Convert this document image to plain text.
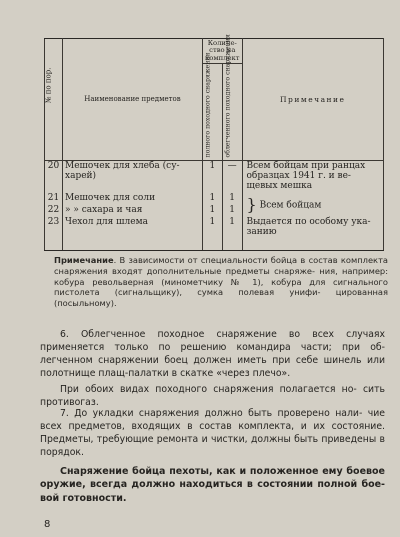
№ по пор.	Наименование предметов	Количе- ство на комплект		Примечание

		полного походного снаряжения	облегченного походного снаряжения	

20	Мешочек для хлеба (су- харей)	1	—	Всем бойцам при ранцах образцах 1941 г. и ве- щевых мешка
21	Мешочек для соли	1	1	} Всем бойцам
22	» » сахара и чая	1	1	
23	Чехол для шлема	1	1	Выдается по особому ука- занию
Примечание. В зависимости от специальности бойца в состав комплекта снаряжения входят дополнительные предметы снаряже- ния, например: кобура револьверная (минометчику № 1), кобура для сигнального пистолета (сигнальщику), сумка полевая унифи- цированная (посыльному).

6. Облегченное походное снаряжение во всех случаях применяется только по решению командира части; при об- легченном снаряжении боец должен иметь при себе шинель или полотнище плащ-палатки в скатке «через плечо».

При обоих видах походного снаряжения полагается но- сить противогаз.

7. До укладки снаряжения должно быть проверено нали- чие всех предметов, входящих в состав комплекта, и их состояние. Предметы, требующие ремонта и чистки, должны быть приведены в порядок.

Снаряжение бойца пехоты, как и положенное ему боевое оружие, всегда должно находиться в состоянии полной бое- вой готовности.

8
